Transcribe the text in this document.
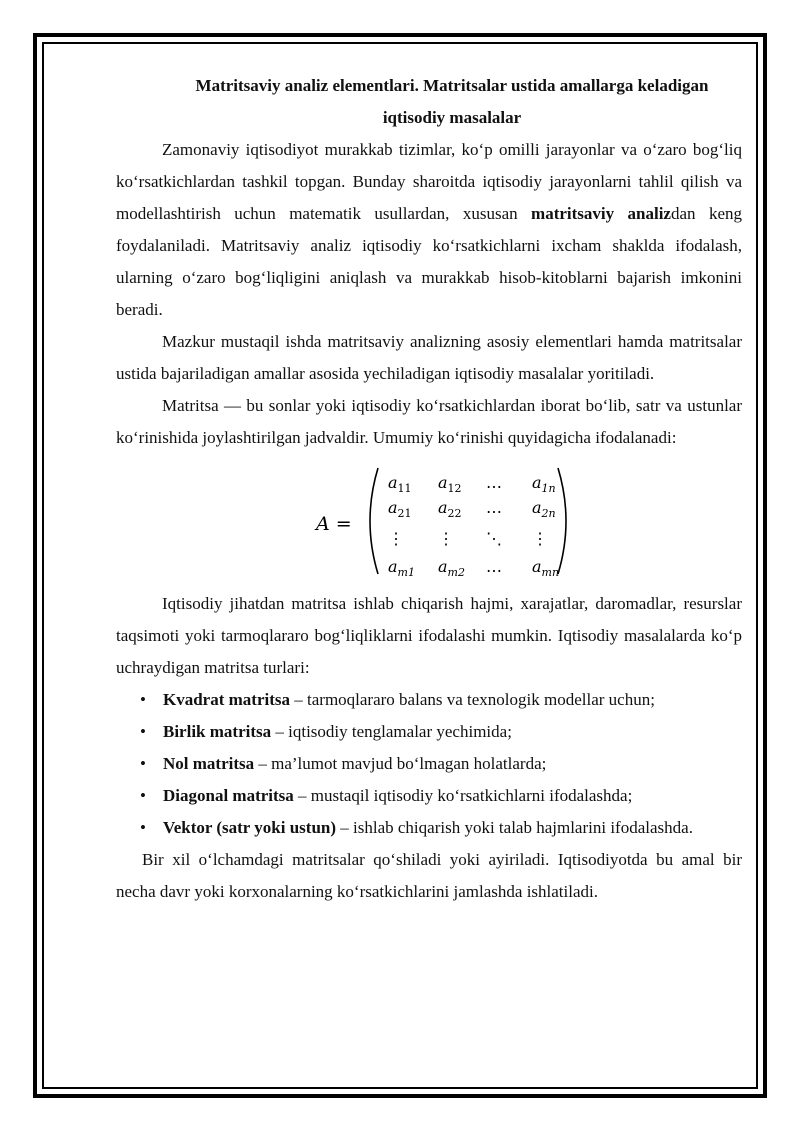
Matritsaviy analiz elementlari. Matritsalar ustida amallarga keladigan
iqtisodiy masalalar

Zamonaviy iqtisodiyot murakkab tizimlar, ko‘p omilli jarayonlar va o‘zaro bog‘liq ko‘rsatkichlardan tashkil topgan. Bunday sharoitda iqtisodiy jarayonlarni tahlil qilish va modellashtirish uchun matematik usullardan, xususan matritsaviy analizdan keng foydalaniladi. Matritsaviy analiz iqtisodiy ko‘rsatkichlarni ixcham shaklda ifodalash, ularning o‘zaro bog‘liqligini aniqlash va murakkab hisob-kitoblarni bajarish imkonini beradi.

Mazkur mustaqil ishda matritsaviy analizning asosiy elementlari hamda matritsalar ustida bajariladigan amallar asosida yechiladigan iqtisodiy masalalar yoritiladi.

Matritsa — bu sonlar yoki iqtisodiy ko‘rsatkichlardan iborat bo‘lib, satr va ustunlar ko‘rinishida joylashtirilgan jadvaldir. Umumiy ko‘rinishi quyidagicha ifodalanadi:

A =
$a_{11}$ $a_{12}$ … $a_{1n}$
$a_{21}$ $a_{22}$ … $a_{2n}$
⋮ ⋮ ⋱ ⋮
$a_{m1}$ $a_{m2}$ … $a_{mn}$

Iqtisodiy jihatdan matritsa ishlab chiqarish hajmi, xarajatlar, daromadlar, resurslar taqsimoti yoki tarmoqlararo bog‘liqliklarni ifodalashi mumkin. Iqtisodiy masalalarda ko‘p uchraydigan matritsa turlari:

• Kvadrat matritsa – tarmoqlararo balans va texnologik modellar uchun;
• Birlik matritsa – iqtisodiy tenglamalar yechimida;
• Nol matritsa – ma’lumot mavjud bo‘lmagan holatlarda;
• Diagonal matritsa – mustaqil iqtisodiy ko‘rsatkichlarni ifodalashda;
• Vektor (satr yoki ustun) – ishlab chiqarish yoki talab hajmlarini ifodalashda.

Bir xil o‘lchamdagi matritsalar qo‘shiladi yoki ayiriladi. Iqtisodiyotda bu amal bir necha davr yoki korxonalarning ko‘rsatkichlarini jamlashda ishlatiladi.
